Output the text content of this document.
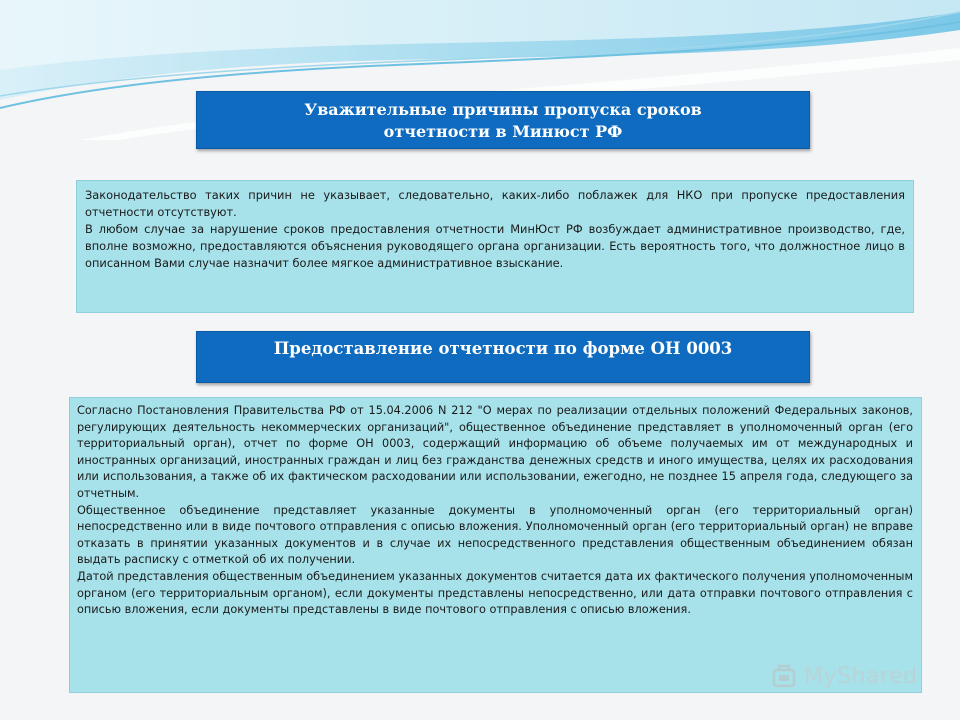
Уважительные причины пропуска сроков
отчетности в Минюст РФ

Законодательство таких причин не указывает, следовательно, каких-либо поблажек для НКО при пропуске предоставления отчетности отсутствуют.

В любом случае за нарушение сроков предоставления отчетности МинЮст РФ возбуждает административное производство, где, вполне возможно, предоставляются объяснения руководящего органа организации. Есть вероятность того, что должностное лицо в описанном Вами случае назначит более мягкое административное взыскание.

Предоставление отчетности по форме ОН 0003

Согласно Постановления Правительства РФ от 15.04.2006 N 212 "О мерах по реализации отдельных положений Федеральных законов, регулирующих деятельность некоммерческих организаций", общественное объединение представляет в уполномоченный орган (его территориальный орган), отчет по форме ОН 0003, содержащий информацию об объеме получаемых им от международных и иностранных организаций, иностранных граждан и лиц без гражданства денежных средств и иного имущества, целях их расходования или использования, а также об их фактическом расходовании или использовании, ежегодно, не позднее 15 апреля года, следующего за отчетным.

Общественное объединение представляет указанные документы в уполномоченный орган (его территориальный орган) непосредственно или в виде почтового отправления с описью вложения. Уполномоченный орган (его территориальный орган) не вправе отказать в принятии указанных документов и в случае их непосредственного представления общественным объединением обязан выдать расписку с отметкой об их получении.

Датой представления общественным объединением указанных документов считается дата их фактического получения уполномоченным органом (его территориальным органом), если документы представлены непосредственно, или дата отправки почтового отправления с описью вложения, если документы представлены в виде почтового отправления с описью вложения.

MyShared
